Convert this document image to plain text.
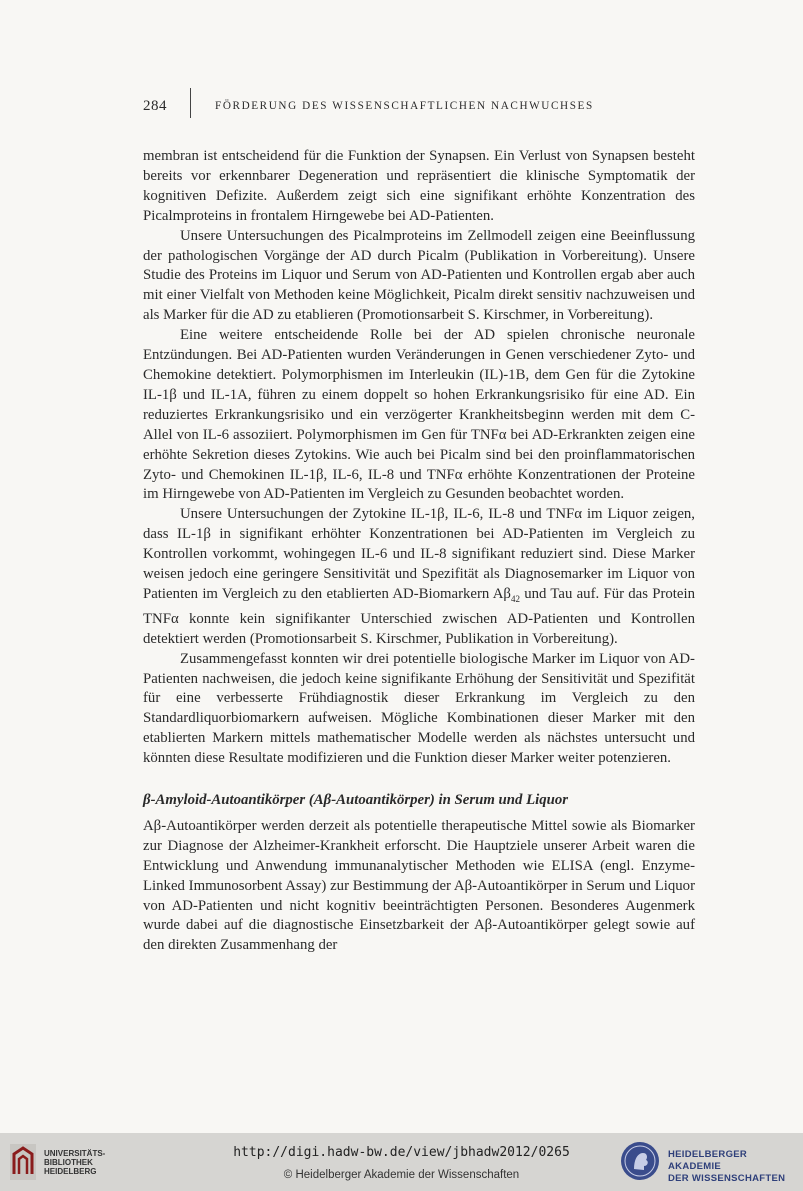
284	FÖRDERUNG DES WISSENSCHAFTLICHEN NACHWUCHSES

membran ist entscheidend für die Funktion der Synapsen. Ein Verlust von Synapsen besteht bereits vor erkennbarer Degeneration und repräsentiert die klinische Symptomatik der kognitiven Defizite. Außerdem zeigt sich eine signifikant erhöhte Konzentration des Picalmproteins in frontalem Hirngewebe bei AD-Patienten.

Unsere Untersuchungen des Picalmproteins im Zellmodell zeigen eine Beeinflussung der pathologischen Vorgänge der AD durch Picalm (Publikation in Vorbereitung). Unsere Studie des Proteins im Liquor und Serum von AD-Patienten und Kontrollen ergab aber auch mit einer Vielfalt von Methoden keine Möglichkeit, Picalm direkt sensitiv nachzuweisen und als Marker für die AD zu etablieren (Promotionsarbeit S. Kirschmer, in Vorbereitung).

Eine weitere entscheidende Rolle bei der AD spielen chronische neuronale Entzündungen. Bei AD-Patienten wurden Veränderungen in Genen verschiedener Zyto- und Chemokine detektiert. Polymorphismen im Interleukin (IL)-1B, dem Gen für die Zytokine IL-1β und IL-1A, führen zu einem doppelt so hohen Erkrankungsrisiko für eine AD. Ein reduziertes Erkrankungsrisiko und ein verzögerter Krankheitsbeginn werden mit dem C-Allel von IL-6 assoziiert. Polymorphismen im Gen für TNFα bei AD-Erkrankten zeigen eine erhöhte Sekretion dieses Zytokins. Wie auch bei Picalm sind bei den proinflammatorischen Zyto- und Chemokinen IL-1β, IL-6, IL-8 und TNFα erhöhte Konzentrationen der Proteine im Hirngewebe von AD-Patienten im Vergleich zu Gesunden beobachtet worden.

Unsere Untersuchungen der Zytokine IL-1β, IL-6, IL-8 und TNFα im Liquor zeigen, dass IL-1β in signifikant erhöhter Konzentrationen bei AD-Patienten im Vergleich zu Kontrollen vorkommt, wohingegen IL-6 und IL-8 signifikant reduziert sind. Diese Marker weisen jedoch eine geringere Sensitivität und Spezifität als Diagnosemarker im Liquor von Patienten im Vergleich zu den etablierten AD-Biomarkern $A\beta_{42}$ und Tau auf. Für das Protein TNFα konnte kein signifikanter Unterschied zwischen AD-Patienten und Kontrollen detektiert werden (Promotionsarbeit S. Kirschmer, Publikation in Vorbereitung).

Zusammengefasst konnten wir drei potentielle biologische Marker im Liquor von AD-Patienten nachweisen, die jedoch keine signifikante Erhöhung der Sensitivität und Spezifität für eine verbesserte Frühdiagnostik dieser Erkrankung im Vergleich zu den Standardliquorbiomarkern aufweisen. Mögliche Kombinationen dieser Marker mit den etablierten Markern mittels mathematischer Modelle werden als nächstes untersucht und könnten diese Resultate modifizieren und die Funktion dieser Marker weiter potenzieren.

β-Amyloid-Autoantikörper (Aβ-Autoantikörper) in Serum und Liquor

Aβ-Autoantikörper werden derzeit als potentielle therapeutische Mittel sowie als Biomarker zur Diagnose der Alzheimer-Krankheit erforscht. Die Hauptziele unserer Arbeit waren die Entwicklung und Anwendung immunanalytischer Methoden wie ELISA (engl. Enzyme-Linked Immunosorbent Assay) zur Bestimmung der Aβ-Autoantikörper in Serum und Liquor von AD-Patienten und nicht kognitiv beeinträchtigten Personen. Besonderes Augenmerk wurde dabei auf die diagnostische Einsetzbarkeit der Aβ-Autoantikörper gelegt sowie auf den direkten Zusammenhang der

UNIVERSITÄTS-
BIBLIOTHEK
HEIDELBERG
http://digi.hadw-bw.de/view/jbhadw2012/0265
© Heidelberger Akademie der Wissenschaften
HEIDELBERGER AKADEMIE
DER WISSENSCHAFTEN
